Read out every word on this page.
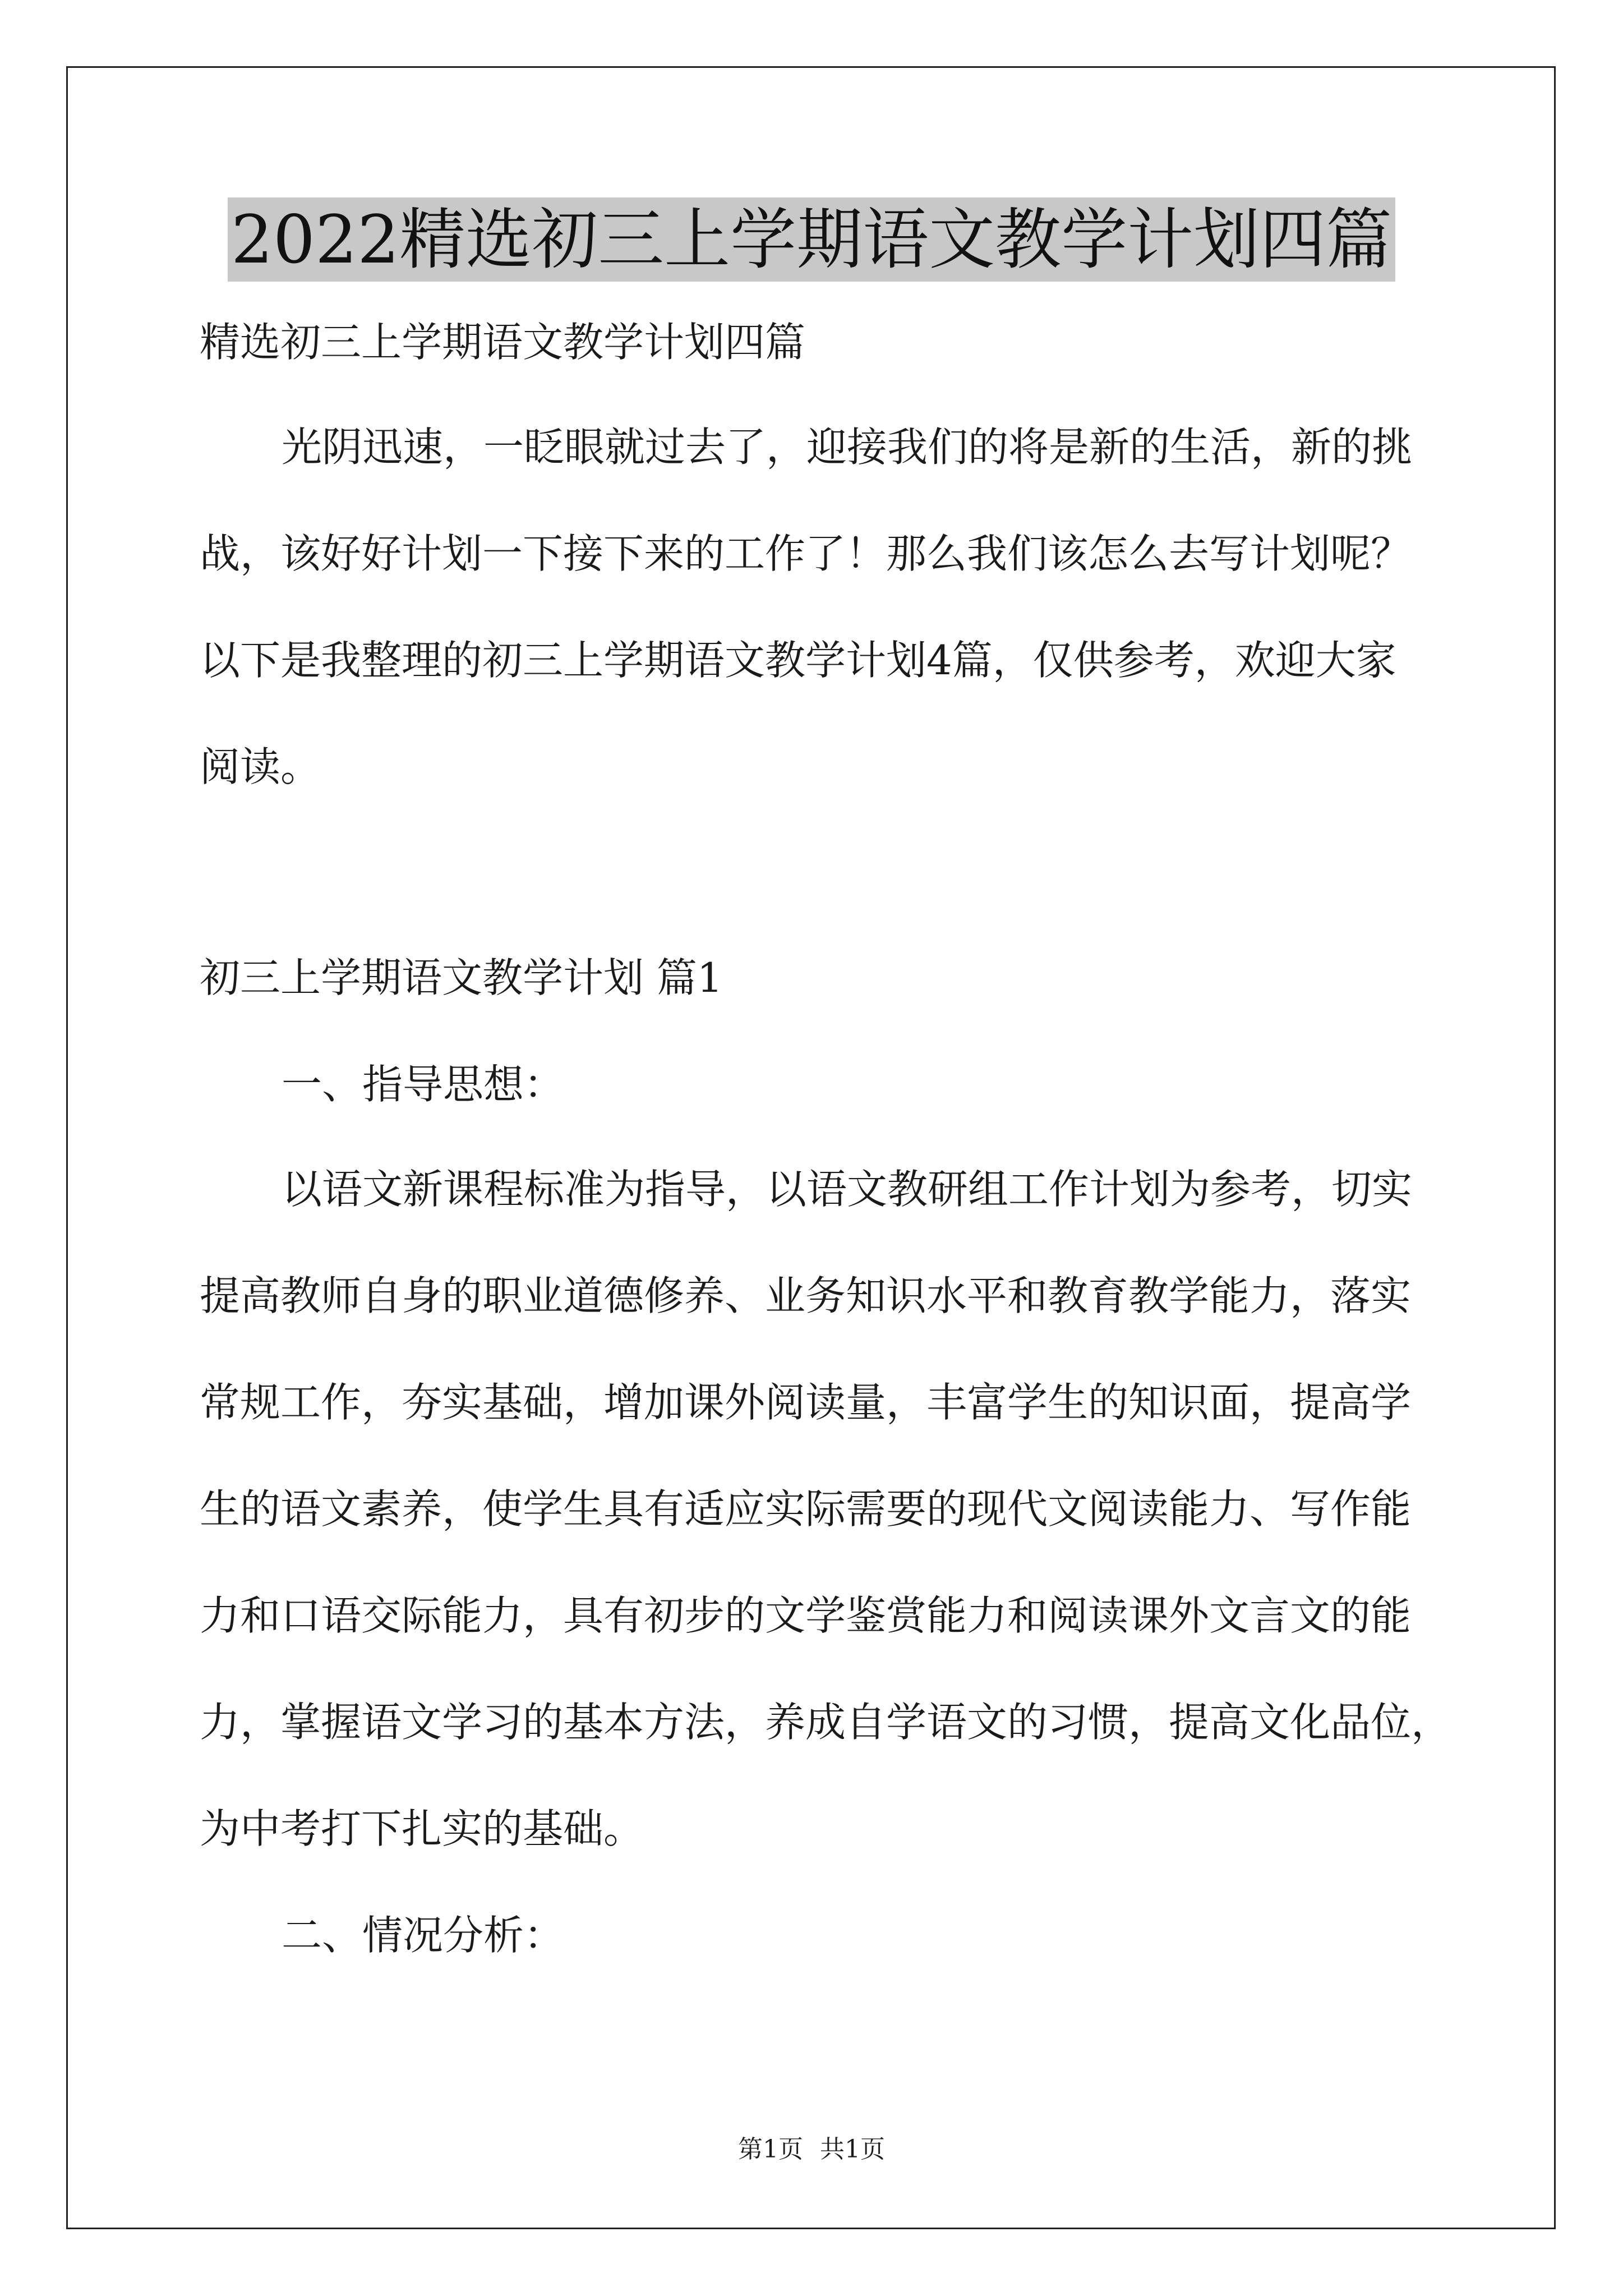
2022精选初三上学期语文教学计划四篇
精选初三上学期语文教学计划四篇
光阴迅速，一眨眼就过去了，迎接我们的将是新的生活，新的挑
战，该好好计划一下接下来的工作了！那么我们该怎么去写计划呢？
以下是我整理的初三上学期语文教学计划4篇，仅供参考，欢迎大家
阅读。
初三上学期语文教学计划 篇1
一、指导思想：
以语文新课程标准为指导，以语文教研组工作计划为参考，切实
提高教师自身的职业道德修养、业务知识水平和教育教学能力，落实
常规工作，夯实基础，增加课外阅读量，丰富学生的知识面，提高学
生的语文素养，使学生具有适应实际需要的现代文阅读能力、写作能
力和口语交际能力，具有初步的文学鉴赏能力和阅读课外文言文的能
力，掌握语文学习的基本方法，养成自学语文的习惯，提高文化品位，
为中考打下扎实的基础。
二、情况分析：
第1页 共1页
